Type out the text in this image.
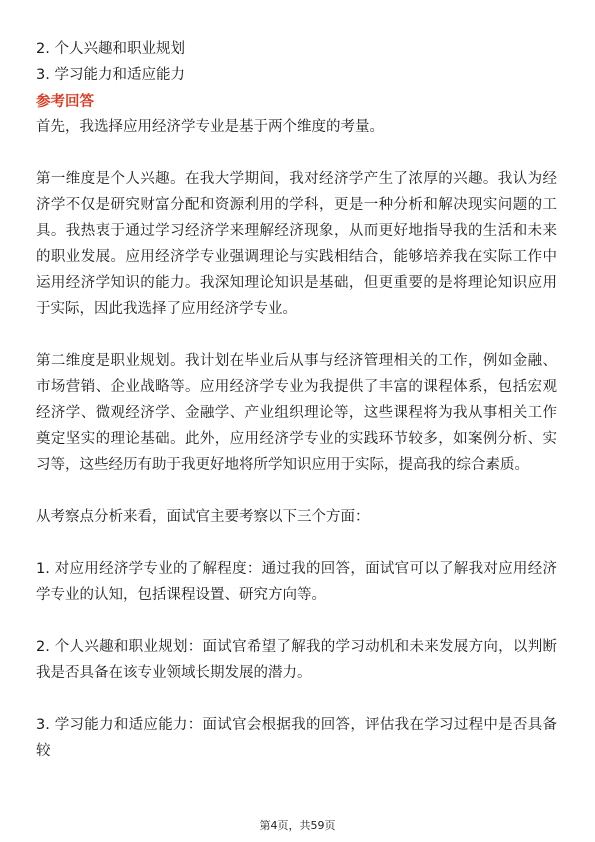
2. 个人兴趣和职业规划

3. 学习能力和适应能力

参考回答

首先，我选择应用经济学专业是基于两个维度的考量。

第一维度是个人兴趣。在我大学期间，我对经济学产生了浓厚的兴趣。我认为经济学不仅是研究财富分配和资源利用的学科，更是一种分析和解决现实问题的工具。我热衷于通过学习经济学来理解经济现象，从而更好地指导我的生活和未来的职业发展。应用经济学专业强调理论与实践相结合，能够培养我在实际工作中运用经济学知识的能力。我深知理论知识是基础，但更重要的是将理论知识应用于实际，因此我选择了应用经济学专业。

第二维度是职业规划。我计划在毕业后从事与经济管理相关的工作，例如金融、市场营销、企业战略等。应用经济学专业为我提供了丰富的课程体系，包括宏观经济学、微观经济学、金融学、产业组织理论等，这些课程将为我从事相关工作奠定坚实的理论基础。此外，应用经济学专业的实践环节较多，如案例分析、实习等，这些经历有助于我更好地将所学知识应用于实际，提高我的综合素质。

从考察点分析来看，面试官主要考察以下三个方面：

1. 对应用经济学专业的了解程度：通过我的回答，面试官可以了解我对应用经济学专业的认知，包括课程设置、研究方向等。

2. 个人兴趣和职业规划：面试官希望了解我的学习动机和未来发展方向，以判断我是否具备在该专业领域长期发展的潜力。

3. 学习能力和适应能力：面试官会根据我的回答，评估我在学习过程中是否具备较

第4页，共59页
